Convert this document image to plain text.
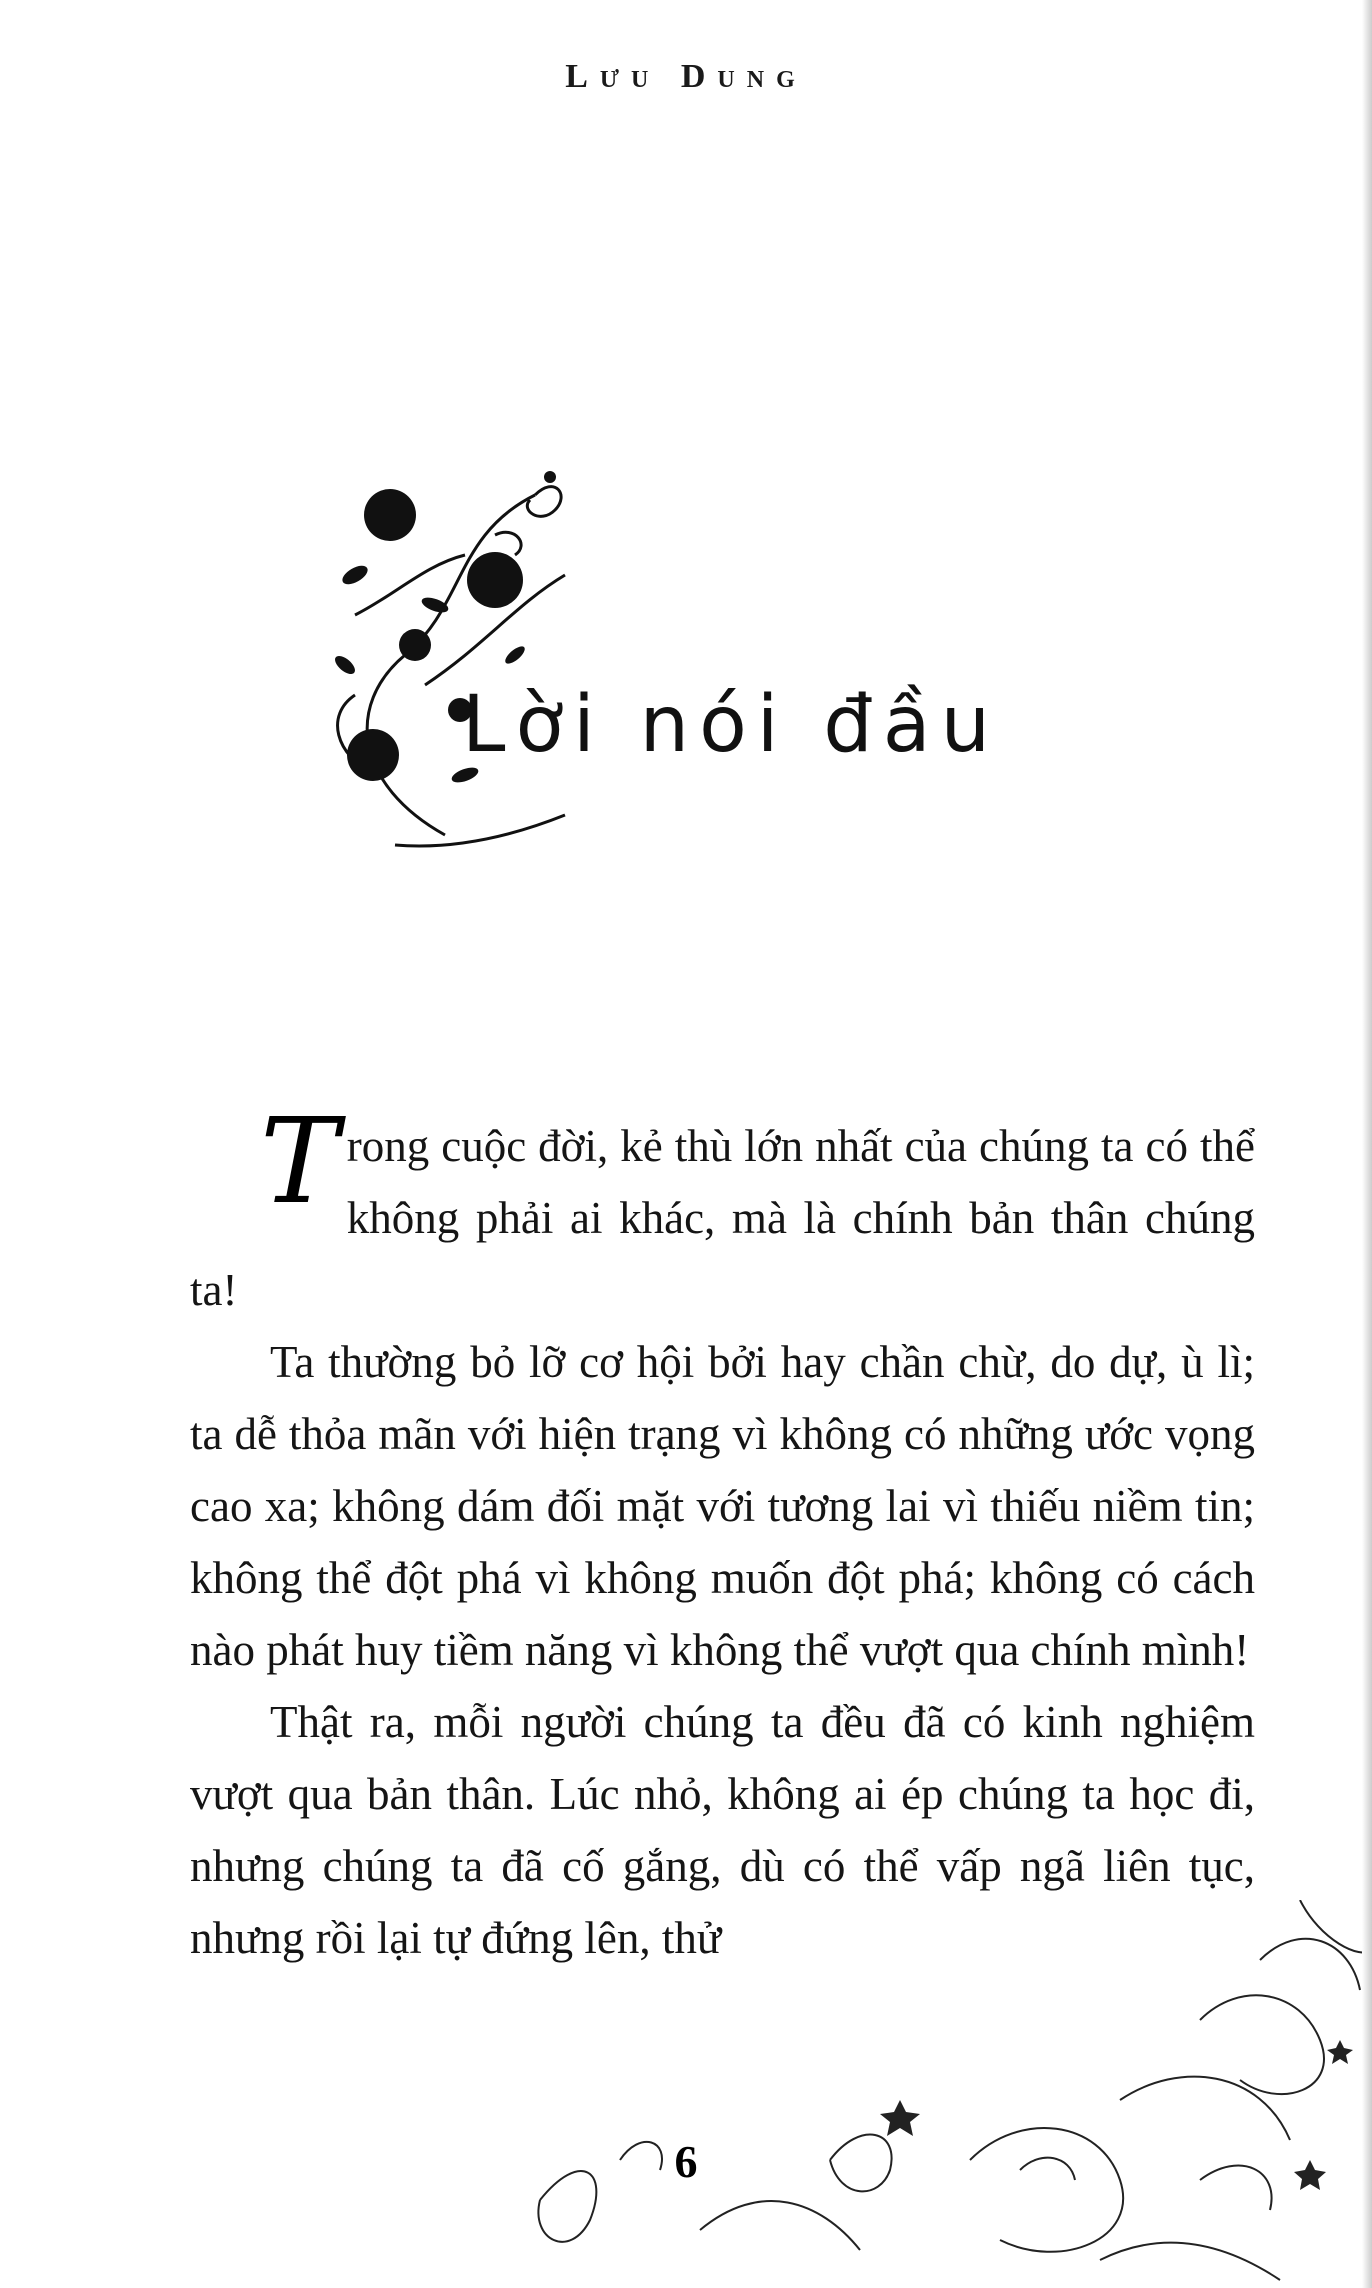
Lưu Dung
Lời nói đầu

Trong cuộc đời, kẻ thù lớn nhất của chúng ta có thể không phải ai khác, mà là chính bản thân chúng ta!

Ta thường bỏ lỡ cơ hội bởi hay chần chừ, do dự, ù lì; ta dễ thỏa mãn với hiện trạng vì không có những ước vọng cao xa; không dám đối mặt với tương lai vì thiếu niềm tin; không thể đột phá vì không muốn đột phá; không có cách nào phát huy tiềm năng vì không thể vượt qua chính mình!

Thật ra, mỗi người chúng ta đều đã có kinh nghiệm vượt qua bản thân. Lúc nhỏ, không ai ép chúng ta học đi, nhưng chúng ta đã cố gắng, dù có thể vấp ngã liên tục, nhưng rồi lại tự đứng lên, thử

6
